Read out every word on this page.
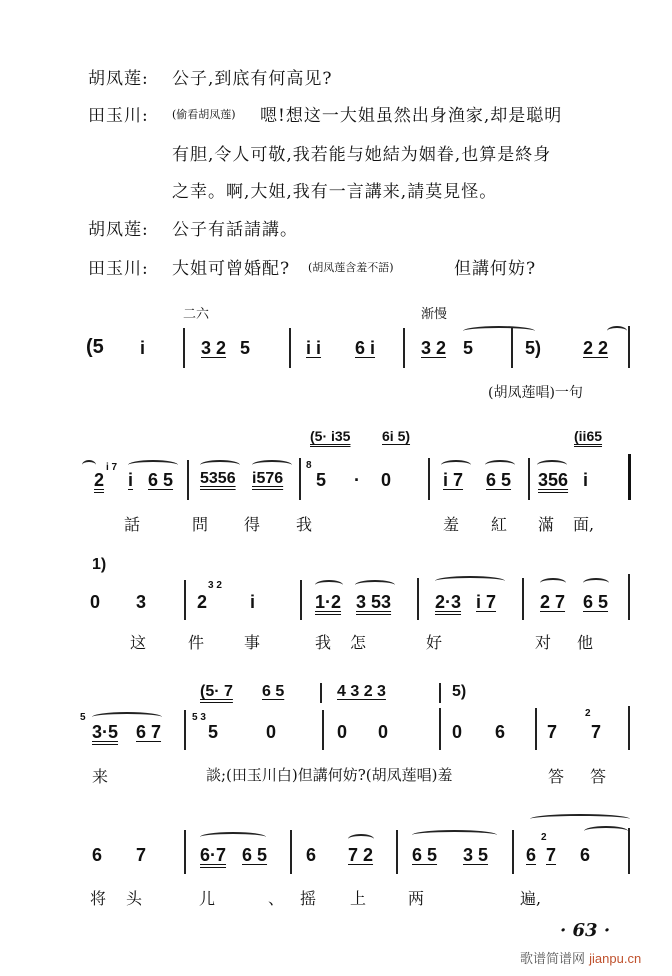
胡凤莲: 公子,到底有何高见?
田玉川: (偷看胡凤莲) 嗯!想这一大姐虽然出身渔家,却是聪明
有胆,令人可敬,我若能与她結为姻眷,也算是終身
之幸。啊,大姐,我有一言講来,請莫見怪。
胡凤莲: 公子有話請講。
田玉川: 大姐可曾婚配? (胡凤莲含羞不語)	但講何妨?
二六	渐慢
(5 i	3 2 5	i i 6 i	3 2 5	5) 2 2
(胡凤莲唱)一句
(5· i35 6i 5)	(ii65
2
i 7
i 6 5 5356 i576
8
5 · 0	i 7 6 5 356 i
話	問 得 我	羞 紅 滿 面,
1)
0 3	2
3 2
i	1·2 3 53 2·3 i 7 2 7 6 5
这	件 事	我 怎	好	对 他
(5· 7 6 5	4 3 2 3	5)
5
3·5 6 7
5 3
5	0	0 0	0 6 7
2
7
来	談;(田玉川白)但講何妨?(胡凤莲唱)羞	答 答
6 7	6·7 6 5 6 7 2 6 5 3 5 6
2
7 6
将 头	儿	、 摇 上	两	遍,
· 63 ·
歌谱简谱网 jianpu.cn
